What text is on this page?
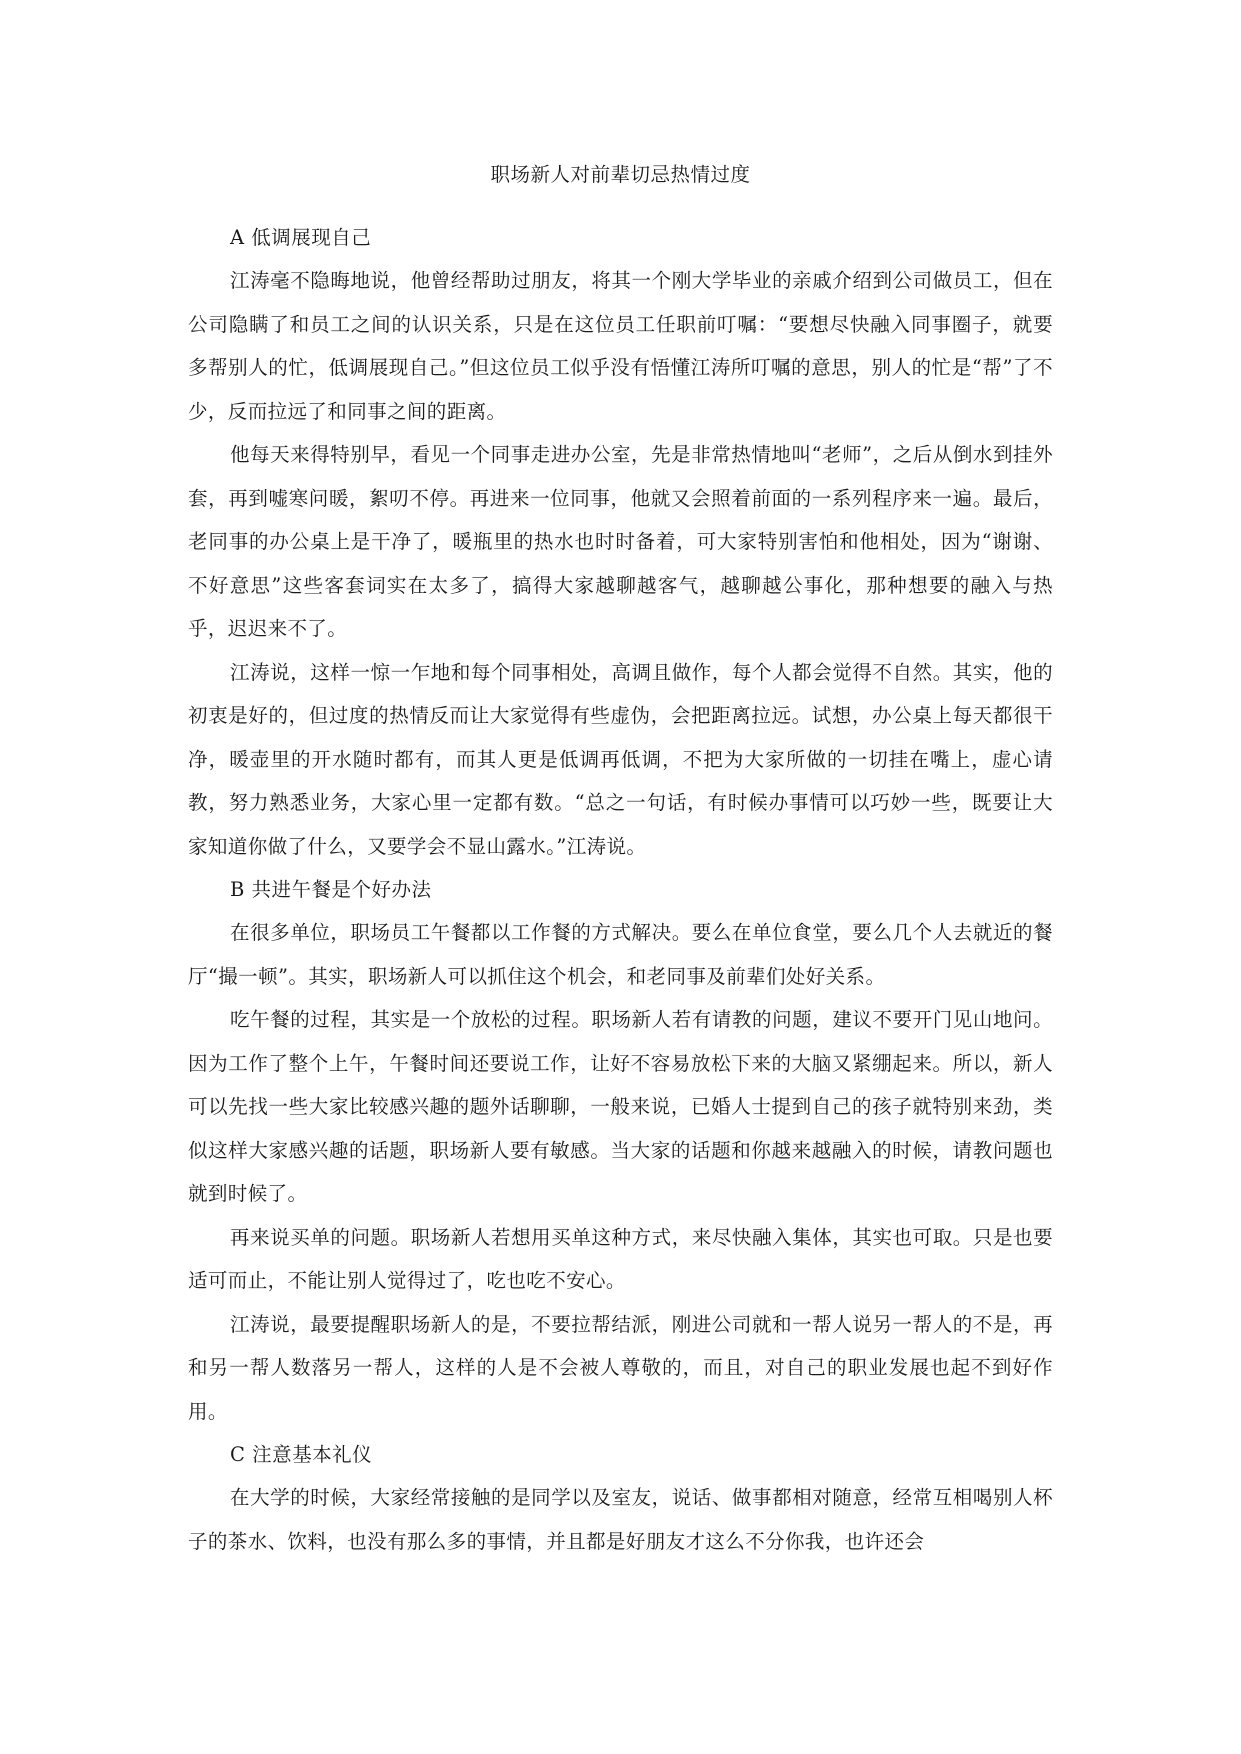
职场新人对前辈切忌热情过度
A 低调展现自己

江涛毫不隐晦地说，他曾经帮助过朋友，将其一个刚大学毕业的亲戚介绍到公司做员工，但在公司隐瞒了和员工之间的认识关系，只是在这位员工任职前叮嘱：“要想尽快融入同事圈子，就要多帮别人的忙，低调展现自己。”但这位员工似乎没有悟懂江涛所叮嘱的意思，别人的忙是“帮”了不少，反而拉远了和同事之间的距离。

他每天来得特别早，看见一个同事走进办公室，先是非常热情地叫“老师”，之后从倒水到挂外套，再到嘘寒问暖，絮叨不停。再进来一位同事，他就又会照着前面的一系列程序来一遍。最后，老同事的办公桌上是干净了，暖瓶里的热水也时时备着，可大家特别害怕和他相处，因为“谢谢、不好意思”这些客套词实在太多了，搞得大家越聊越客气，越聊越公事化，那种想要的融入与热乎，迟迟来不了。

江涛说，这样一惊一乍地和每个同事相处，高调且做作，每个人都会觉得不自然。其实，他的初衷是好的，但过度的热情反而让大家觉得有些虚伪，会把距离拉远。试想，办公桌上每天都很干净，暖壶里的开水随时都有，而其人更是低调再低调，不把为大家所做的一切挂在嘴上，虚心请教，努力熟悉业务，大家心里一定都有数。“总之一句话，有时候办事情可以巧妙一些，既要让大家知道你做了什么，又要学会不显山露水。”江涛说。

B 共进午餐是个好办法

在很多单位，职场员工午餐都以工作餐的方式解决。要么在单位食堂，要么几个人去就近的餐厅“撮一顿”。其实，职场新人可以抓住这个机会，和老同事及前辈们处好关系。

吃午餐的过程，其实是一个放松的过程。职场新人若有请教的问题，建议不要开门见山地问。因为工作了整个上午，午餐时间还要说工作，让好不容易放松下来的大脑又紧绷起来。所以，新人可以先找一些大家比较感兴趣的题外话聊聊，一般来说，已婚人士提到自己的孩子就特别来劲，类似这样大家感兴趣的话题，职场新人要有敏感。当大家的话题和你越来越融入的时候，请教问题也就到时候了。

再来说买单的问题。职场新人若想用买单这种方式，来尽快融入集体，其实也可取。只是也要适可而止，不能让别人觉得过了，吃也吃不安心。

江涛说，最要提醒职场新人的是，不要拉帮结派，刚进公司就和一帮人说另一帮人的不是，再和另一帮人数落另一帮人，这样的人是不会被人尊敬的，而且，对自己的职业发展也起不到好作用。

C 注意基本礼仪

在大学的时候，大家经常接触的是同学以及室友，说话、做事都相对随意，经常互相喝别人杯子的茶水、饮料，也没有那么多的事情，并且都是好朋友才这么不分你我，也许还会
